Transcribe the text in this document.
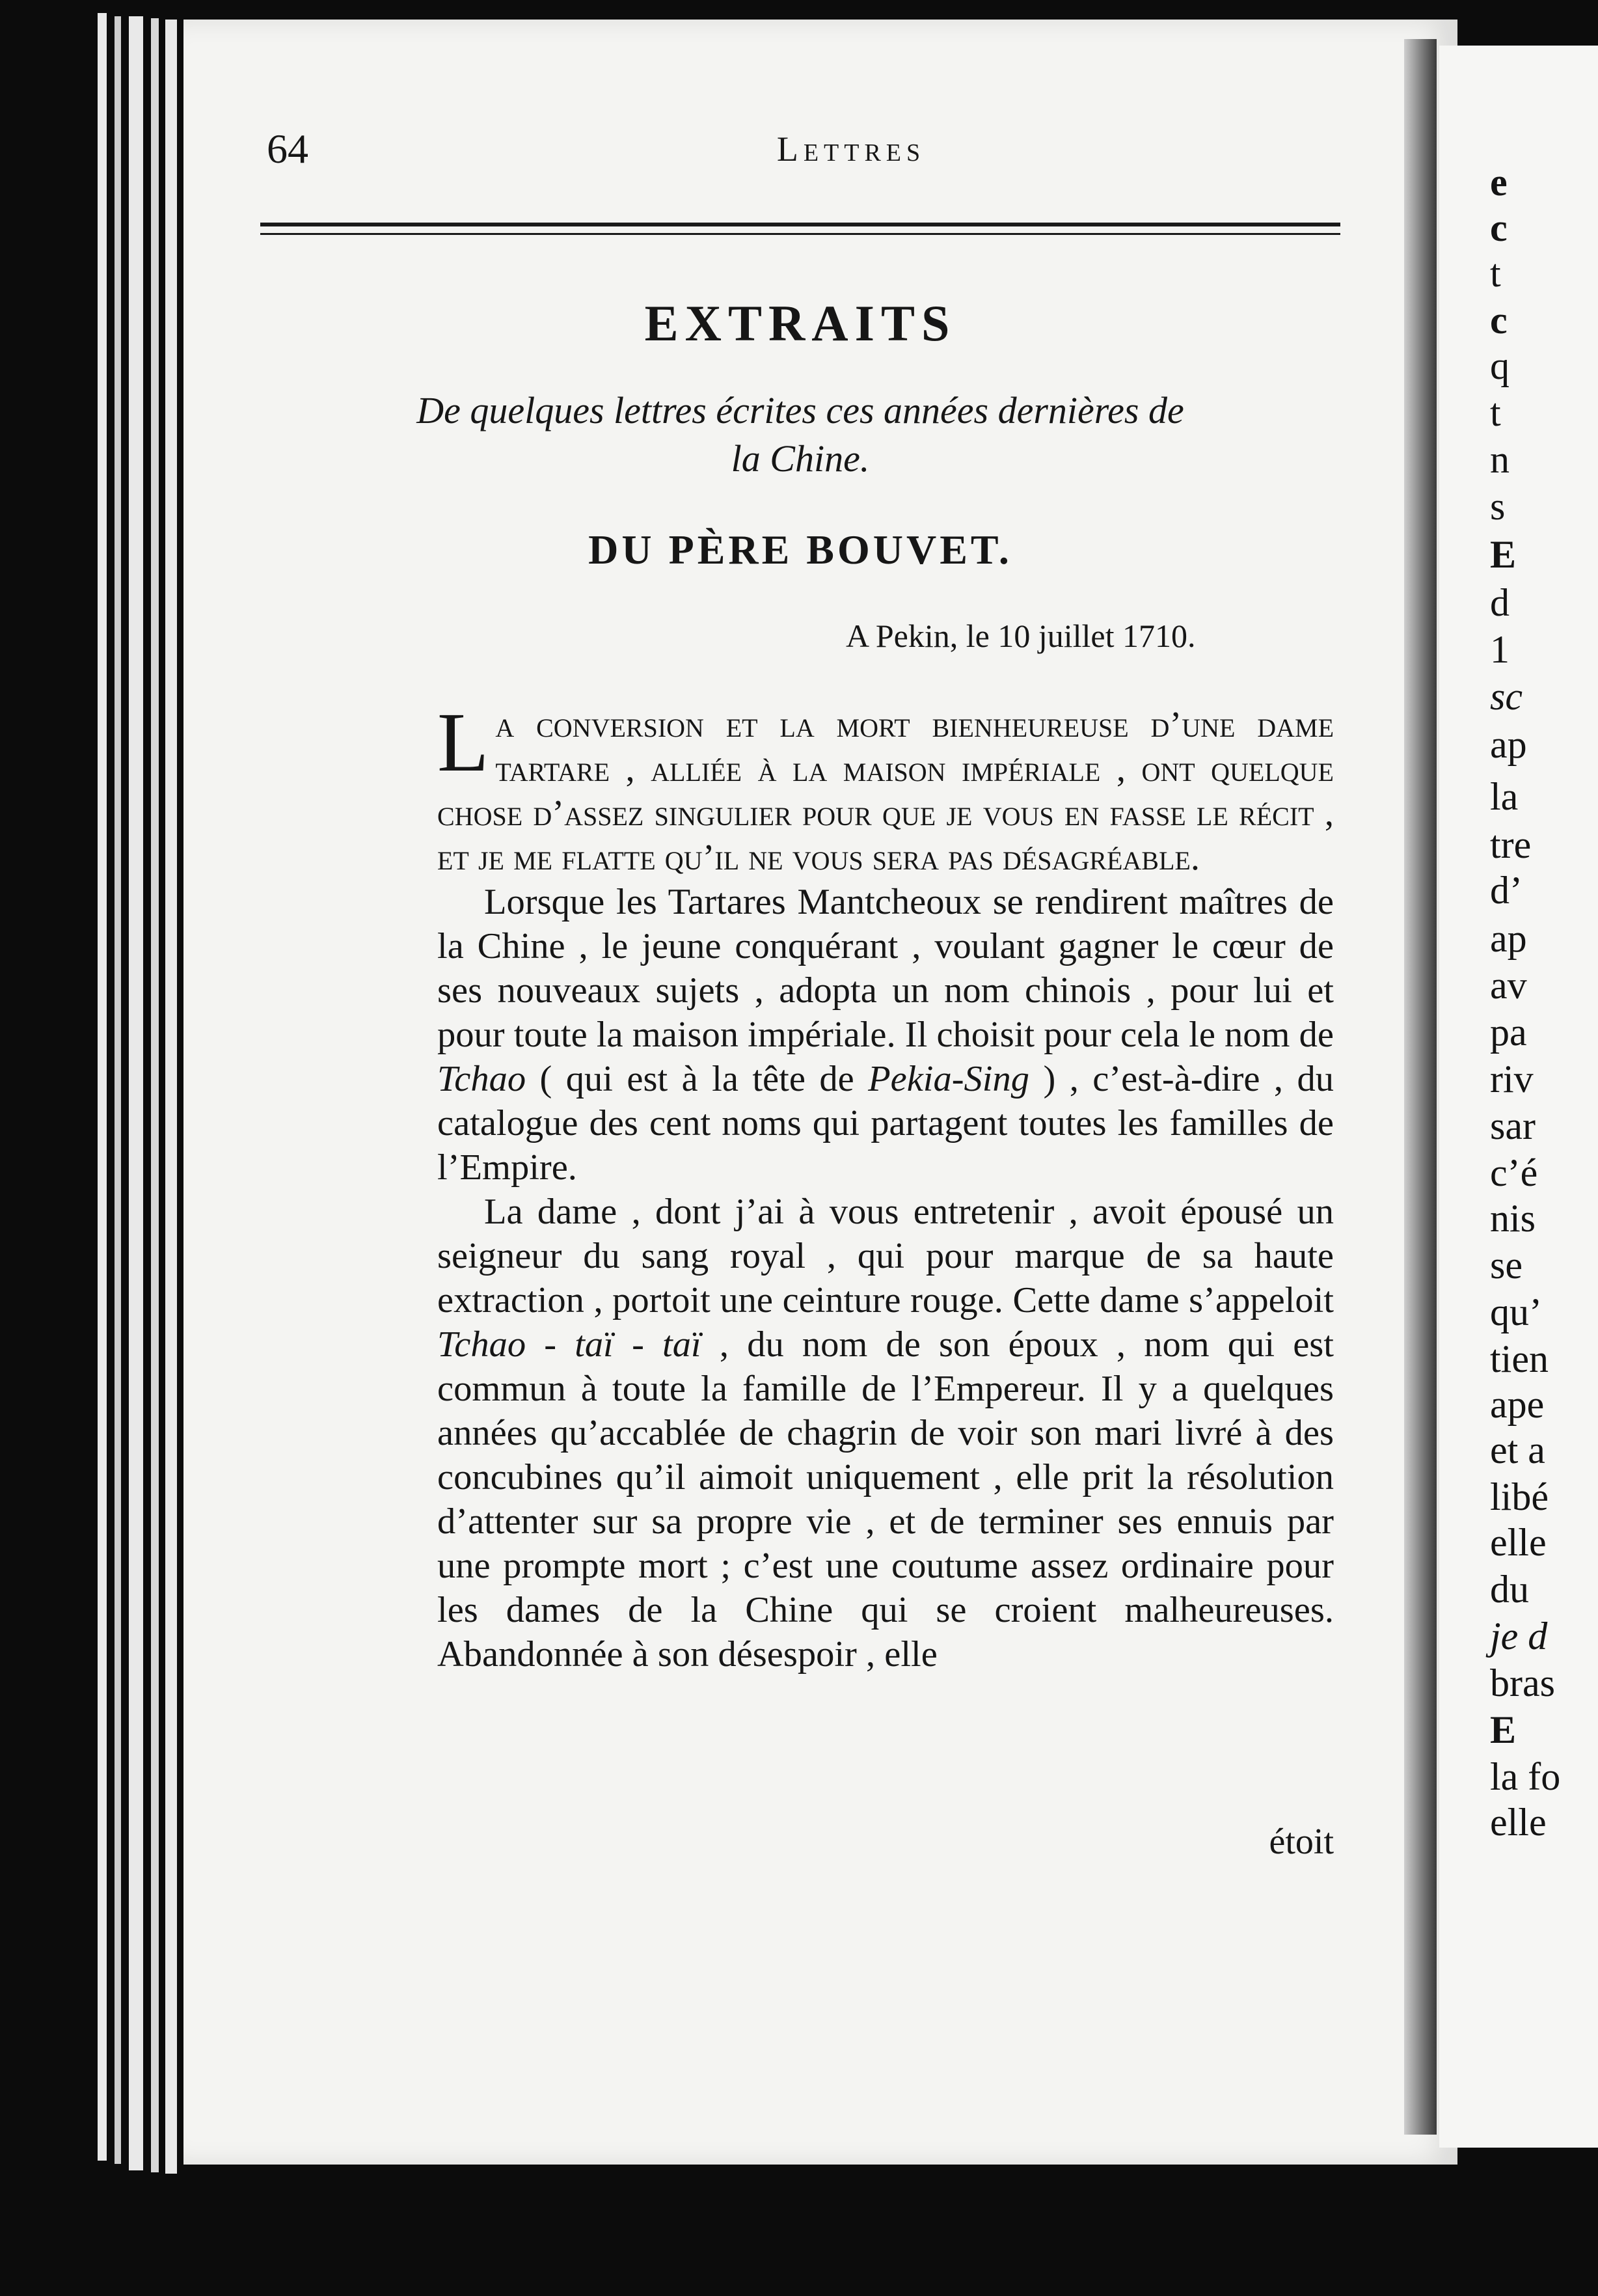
64	Lettres
EXTRAITS
De quelques lettres écrites ces années dernières de
la Chine.
DU PÈRE BOUVET.
A Pekin, le 10 juillet 1710.

La conversion et la mort bienheureuse d’une dame tartare , alliée à la maison impériale , ont quelque chose d’assez singulier pour que je vous en fasse le récit , et je me flatte qu’il ne vous sera pas désagréable.

Lorsque les Tartares Mantcheoux se rendirent maîtres de la Chine , le jeune conquérant , voulant gagner le cœur de ses nouveaux sujets , adopta un nom chinois , pour lui et pour toute la maison impériale. Il choisit pour cela le nom de Tchao ( qui est à la tête de Pekia-Sing ) , c’est-à-dire , du catalogue des cent noms qui partagent toutes les familles de l’Empire.

La dame , dont j’ai à vous entretenir , avoit épousé un seigneur du sang royal , qui pour marque de sa haute extraction , portoit une ceinture rouge. Cette dame s’appeloit Tchao - taï - taï , du nom de son époux , nom qui est commun à toute la famille de l’Empereur. Il y a quelques années qu’accablée de chagrin de voir son mari livré à des concubines qu’il aimoit uniquement , elle prit la résolution d’attenter sur sa propre vie , et de terminer ses ennuis par une prompte mort ; c’est une coutume assez ordinaire pour les dames de la Chine qui se croient malheureuses. Abandonnée à son désespoir , elle

étoit
e
c
t
c
q
t
n
s
E
d
1
sc
ap
la
tre
d’
ap
av
pa
riv
sar
c’é
nis
se
qu’
tien
ape
et a
libé
elle
du
je d
bras
E
la fo
elle
